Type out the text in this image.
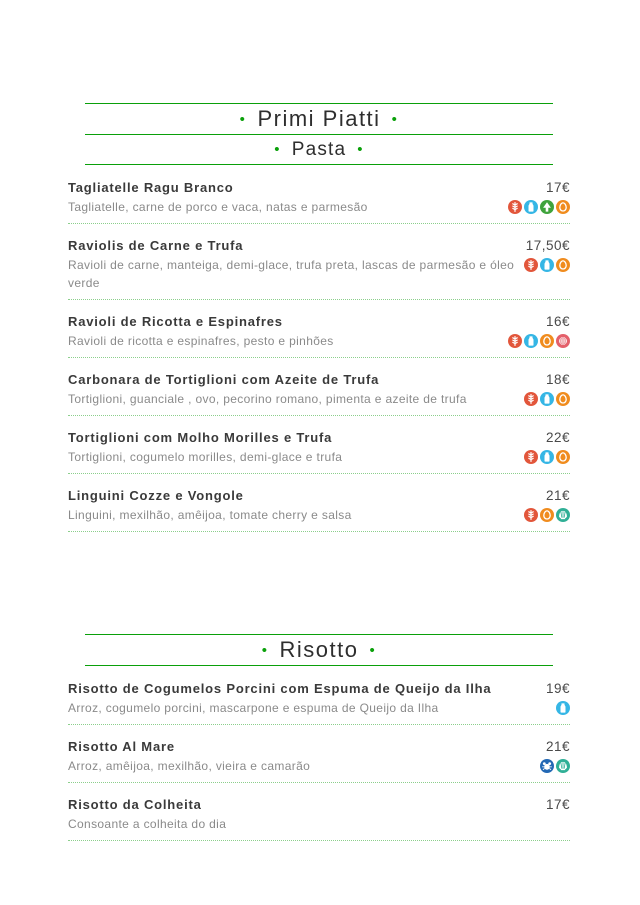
• Primi Piatti •
• Pasta •
Tagliatelle Ragu Branco	17€
Tagliatelle, carne de porco e vaca, natas e parmesão
Raviolis de Carne e Trufa	17,50€
Ravioli de carne, manteiga, demi-glace, trufa preta, lascas de parmesão e óleo verde
Ravioli de Ricotta e Espinafres	16€
Ravioli de ricotta e espinafres, pesto e pinhões
Carbonara de Tortiglioni com Azeite de Trufa	18€
Tortiglioni, guanciale , ovo, pecorino romano, pimenta e azeite de trufa
Tortiglioni com Molho Morilles e Trufa	22€
Tortiglioni, cogumelo morilles, demi-glace e trufa
Linguini Cozze e Vongole	21€
Linguini, mexilhão, amêijoa, tomate cherry e salsa
• Risotto •
Risotto de Cogumelos Porcini com Espuma de Queijo da Ilha	19€
Arroz, cogumelo porcini, mascarpone e espuma de Queijo da Ilha
Risotto Al Mare	21€
Arroz, amêijoa, mexilhão, vieira e camarão
Risotto da Colheita	17€
Consoante a colheita do dia
